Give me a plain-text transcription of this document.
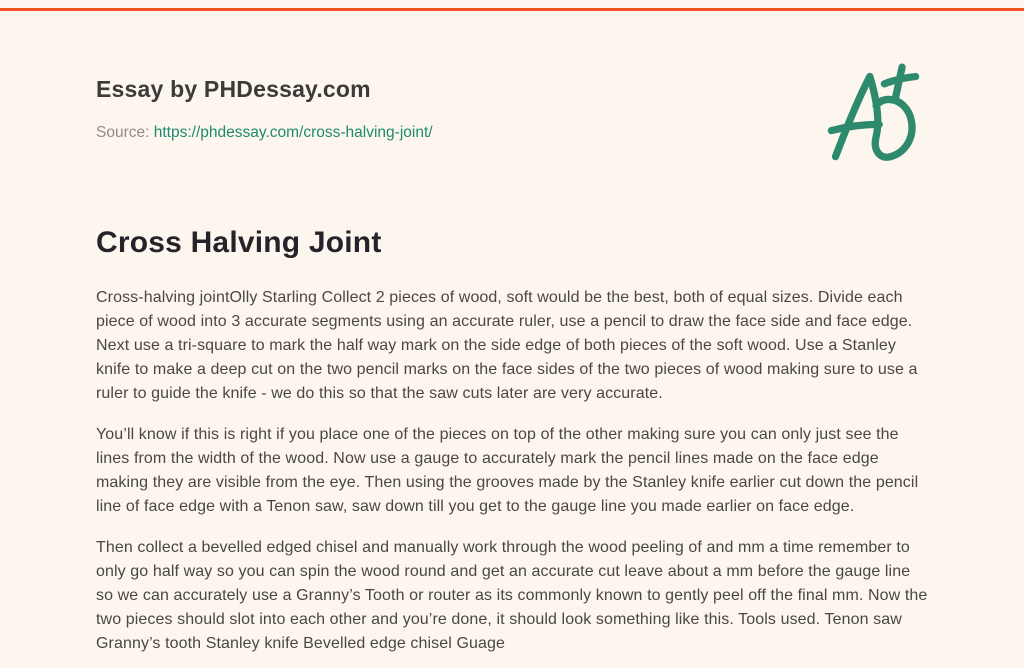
Essay by PHDessay.com
Source: https://phdessay.com/cross-halving-joint/
Cross Halving Joint

Cross-halving jointOlly Starling Collect 2 pieces of wood, soft would be the best, both of equal sizes. Divide each piece of wood into 3 accurate segments using an accurate ruler, use a pencil to draw the face side and face edge. Next use a tri-square to mark the half way mark on the side edge of both pieces of the soft wood. Use a Stanley knife to make a deep cut on the two pencil marks on the face sides of the two pieces of wood making sure to use a ruler to guide the knife - we do this so that the saw cuts later are very accurate.

You’ll know if this is right if you place one of the pieces on top of the other making sure you can only just see the lines from the width of the wood. Now use a gauge to accurately mark the pencil lines made on the face edge making they are visible from the eye. Then using the grooves made by the Stanley knife earlier cut down the pencil line of face edge with a Tenon saw, saw down till you get to the gauge line you made earlier on face edge.

Then collect a bevelled edged chisel and manually work through the wood peeling of and mm a time remember to only go half way so you can spin the wood round and get an accurate cut leave about a mm before the gauge line so we can accurately use a Granny’s Tooth or router as its commonly known to gently peel off the final mm. Now the two pieces should slot into each other and you’re done, it should look something like this. Tools used. Tenon saw Granny’s tooth Stanley knife Bevelled edge chisel Guage
